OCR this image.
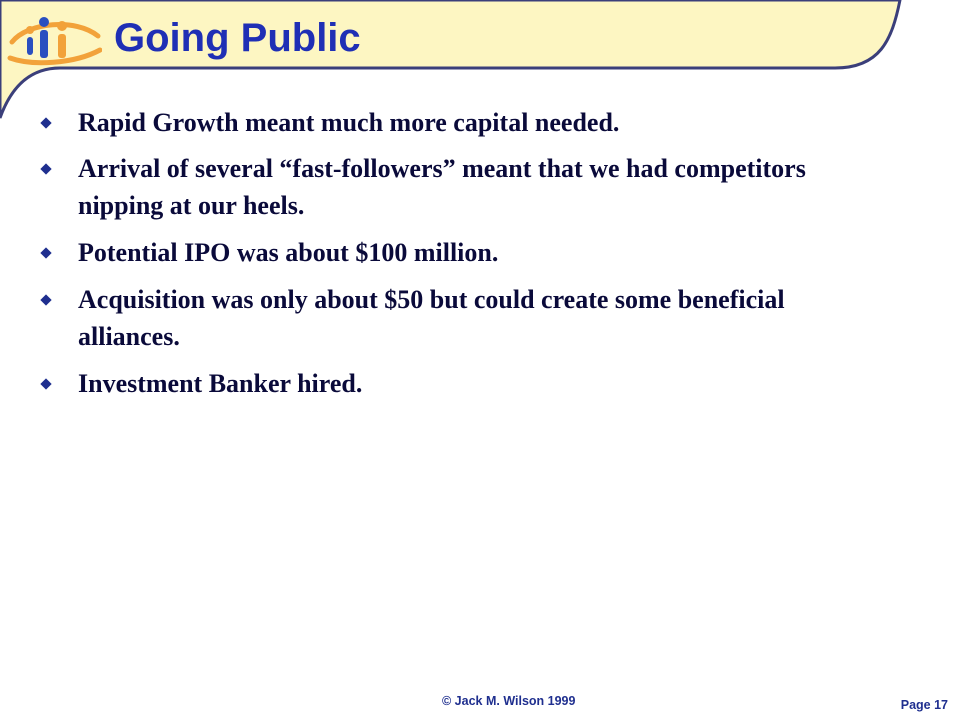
Going Public
Rapid Growth meant much more capital needed.
Arrival of several “fast-followers” meant that we had competitors nipping at our heels.
Potential IPO was about $100 million.
Acquisition was only about $50 but could create some beneficial alliances.
Investment Banker hired.
© Jack M. Wilson 1999	Page 17
